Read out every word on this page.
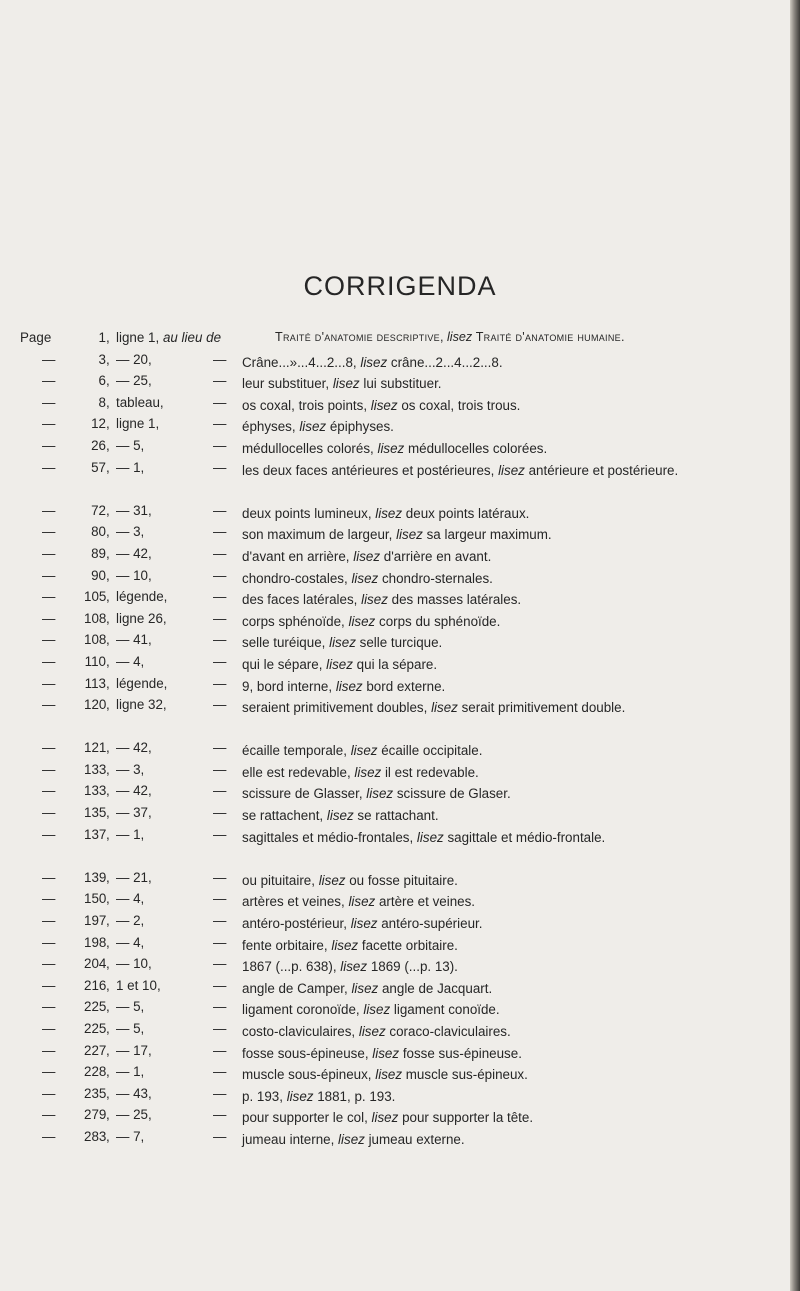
CORRIGENDA
Page	1 , ligne 1, au lieu de	Traité d'anatomie descriptive, lisez Traité d'anatomie humaine.
—	3 , — 20,	— Crâne...»...4...2...8, lisez crâne...2...4...2...8.
—	6 , — 25,	— leur substituer, lisez lui substituer.
—	8 , tableau,	— os coxal, trois points, lisez os coxal, trois trous.
—	12 , ligne 1,	— éphyses, lisez épiphyses.
—	26 , — 5,	— médullocelles colorés, lisez médullocelles colorées.
—	57 , — 1,	— les deux faces antérieures et postérieures, lisez antérieure et postérieure.
—	72 , — 31,	— deux points lumineux, lisez deux points latéraux.
—	80 , — 3,	— son maximum de largeur, lisez sa largeur maximum.
—	89 , — 42,	— d'avant en arrière, lisez d'arrière en avant.
—	90 , — 10,	— chondro-costales, lisez chondro-sternales.
—	105 , légende,	— des faces latérales, lisez des masses latérales.
—	108 , ligne 26,	— corps sphénoïde, lisez corps du sphénoïde.
—	108 , — 41,	— selle turéique, lisez selle turcique.
—	110 , — 4,	— qui le sépare, lisez qui la sépare.
—	113 , légende,	— 9, bord interne, lisez bord externe.
—	120 , ligne 32,	— seraient primitivement doubles, lisez serait primitivement double.
—	121 , — 42,	— écaille temporale, lisez écaille occipitale.
—	133 , — 3,	— elle est redevable, lisez il est redevable.
—	133 , — 42,	— scissure de Glasser, lisez scissure de Glaser.
—	135 , — 37,	— se rattachent, lisez se rattachant.
—	137 , — 1,	— sagittales et médio-frontales, lisez sagittale et médio-frontale.
—	139 , — 21,	— ou pituitaire, lisez ou fosse pituitaire.
—	150 , — 4,	— artères et veines, lisez artère et veines.
—	197 , — 2,	— antéro-postérieur, lisez antéro-supérieur.
—	198 , — 4,	— fente orbitaire, lisez facette orbitaire.
—	204 , — 10,	— 1867 (...p. 638), lisez 1869 (...p. 13).
—	216 , 1 et 10,	— angle de Camper, lisez angle de Jacquart.
—	225 , — 5,	— ligament coronoïde, lisez ligament conoïde.
—	225 , — 5,	— costo-claviculaires, lisez coraco-claviculaires.
—	227 , — 17,	— fosse sous-épineuse, lisez fosse sus-épineuse.
—	228 , — 1,	— muscle sous-épineux, lisez muscle sus-épineux.
—	235 , — 43,	— p. 193, lisez 1881, p. 193.
—	279 , — 25,	— pour supporter le col, lisez pour supporter la tête.
—	283 , — 7,	— jumeau interne, lisez jumeau externe.
